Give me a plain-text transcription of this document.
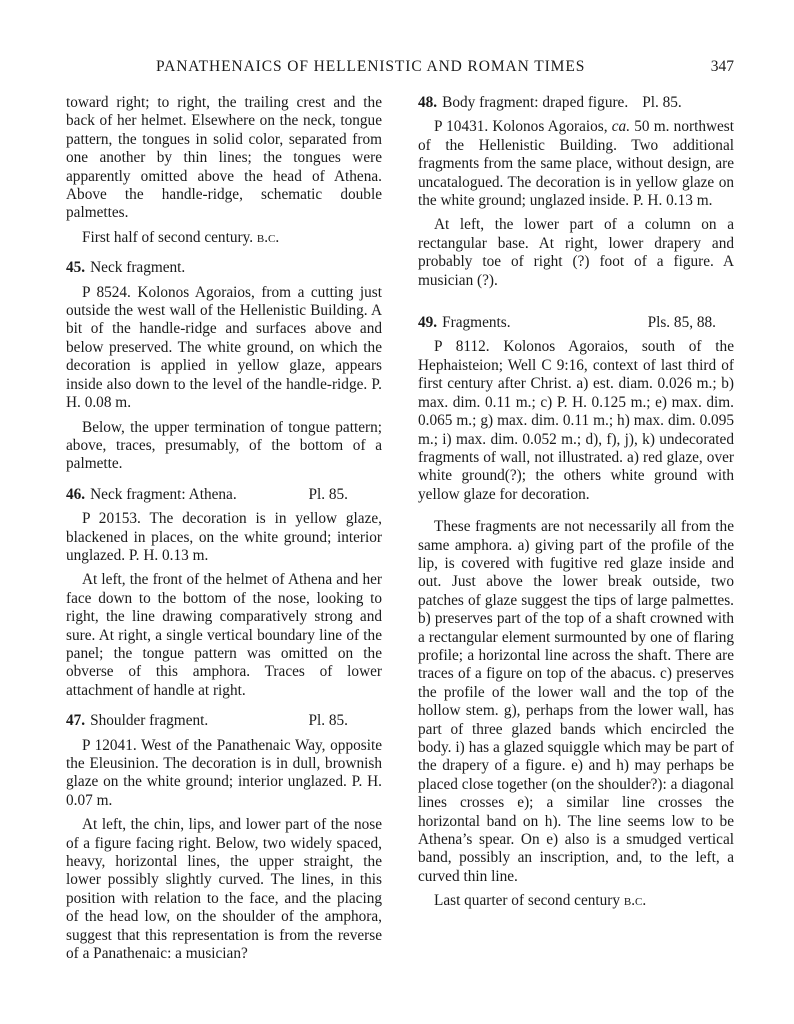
PANATHENAICS OF HELLENISTIC AND ROMAN TIMES	347

toward right; to right, the trailing crest and the back of her helmet. Elsewhere on the neck, tongue pattern, the tongues in solid color, separated from one another by thin lines; the tongues were apparently omitted above the head of Athena. Above the handle-ridge, schematic double palmettes.

First half of second century. b.c.

45. Neck fragment.

P 8524. Kolonos Agoraios, from a cutting just outside the west wall of the Hellenistic Building. A bit of the handle-ridge and surfaces above and below preserved. The white ground, on which the decoration is applied in yellow glaze, appears inside also down to the level of the handle-ridge. P. H. 0.08 m.

Below, the upper termination of tongue pattern; above, traces, presumably, of the bottom of a palmette.

46. Neck fragment: Athena.	Pl. 85.

P 20153. The decoration is in yellow glaze, blackened in places, on the white ground; interior unglazed. P. H. 0.13 m.

At left, the front of the helmet of Athena and her face down to the bottom of the nose, looking to right, the line drawing comparatively strong and sure. At right, a single vertical boundary line of the panel; the tongue pattern was omitted on the obverse of this amphora. Traces of lower attachment of handle at right.

47. Shoulder fragment.	Pl. 85.

P 12041. West of the Panathenaic Way, opposite the Eleusinion. The decoration is in dull, brownish glaze on the white ground; interior unglazed. P. H. 0.07 m.

At left, the chin, lips, and lower part of the nose of a figure facing right. Below, two widely spaced, heavy, horizontal lines, the upper straight, the lower possibly slightly curved. The lines, in this position with relation to the face, and the placing of the head low, on the shoulder of the amphora, suggest that this representation is from the reverse of a Panathenaic: a musician?

48. Body fragment: draped figure. Pl. 85.

P 10431. Kolonos Agoraios, ca. 50 m. northwest of the Hellenistic Building. Two additional fragments from the same place, without design, are uncatalogued. The decoration is in yellow glaze on the white ground; unglazed inside. P. H. 0.13 m.

At left, the lower part of a column on a rectangular base. At right, lower drapery and probably toe of right (?) foot of a figure. A musician (?).

49. Fragments.	Pls. 85, 88.

P 8112. Kolonos Agoraios, south of the Hephaisteion; Well C 9:16, context of last third of first century after Christ. a) est. diam. 0.026 m.; b) max. dim. 0.11 m.; c) P. H. 0.125 m.; e) max. dim. 0.065 m.; g) max. dim. 0.11 m.; h) max. dim. 0.095 m.; i) max. dim. 0.052 m.; d), f), j), k) undecorated fragments of wall, not illustrated. a) red glaze, over white ground(?); the others white ground with yellow glaze for decoration.

These fragments are not necessarily all from the same amphora. a) giving part of the profile of the lip, is covered with fugitive red glaze inside and out. Just above the lower break outside, two patches of glaze suggest the tips of large palmettes. b) preserves part of the top of a shaft crowned with a rectangular element surmounted by one of flaring profile; a horizontal line across the shaft. There are traces of a figure on top of the abacus. c) preserves the profile of the lower wall and the top of the hollow stem. g), perhaps from the lower wall, has part of three glazed bands which encircled the body. i) has a glazed squiggle which may be part of the drapery of a figure. e) and h) may perhaps be placed close together (on the shoulder?): a diagonal lines crosses e); a similar line crosses the horizontal band on h). The line seems low to be Athena’s spear. On e) also is a smudged vertical band, possibly an inscription, and, to the left, a curved thin line.

Last quarter of second century b.c.
